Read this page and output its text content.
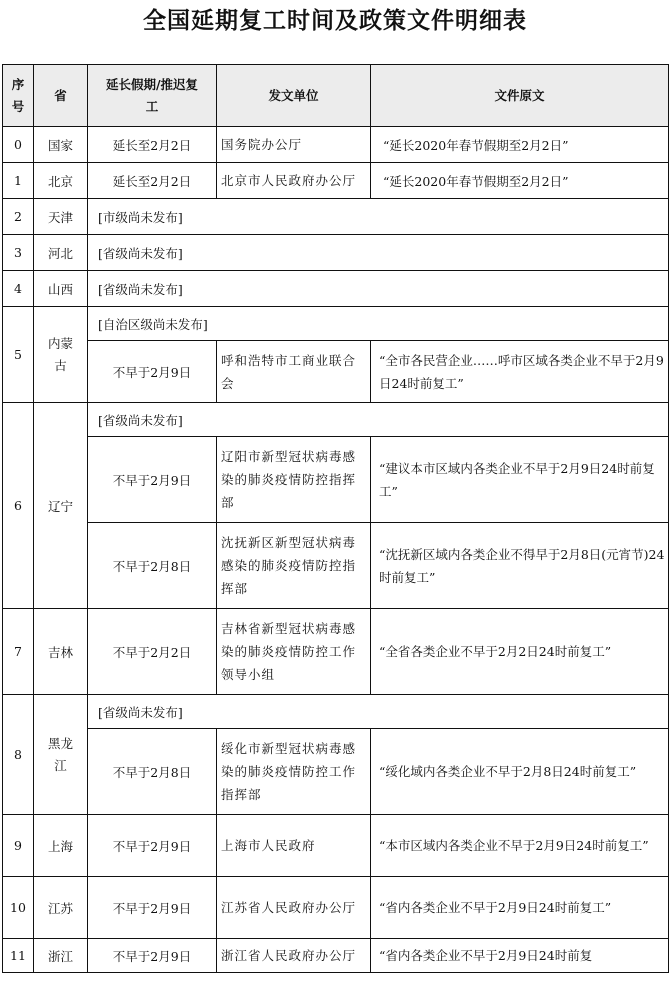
全国延期复工时间及政策文件明细表
序号	省	延长假期/推迟复工	发文单位	文件原文
0	国家	延长至2月2日	国务院办公厅	“延长2020年春节假期至2月2日”
1	北京	延长至2月2日	北京市人民政府办公厅	“延长2020年春节假期至2月2日”
2	天津	[市级尚未发布]		
3	河北	[省级尚未发布]		
4	山西	[省级尚未发布]		
5	内蒙古	[自治区级尚未发布]		
		不早于2月9日	呼和浩特市工商业联合会	“全市各民营企业……呼市区域各类企业不早于2月9日24时前复工”
6	辽宁	[省级尚未发布]		
		不早于2月9日	辽阳市新型冠状病毒感染的肺炎疫情防控指挥部	“建议本市区域内各类企业不早于2月9日24时前复工”
		不早于2月8日	沈抚新区新型冠状病毒感染的肺炎疫情防控指挥部	“沈抚新区域内各类企业不得早于2月8日(元宵节)24时前复工”
7	吉林	不早于2月2日	吉林省新型冠状病毒感染的肺炎疫情防控工作领导小组	“全省各类企业不早于2月2日24时前复工”
8	黑龙江	[省级尚未发布]		
		不早于2月8日	绥化市新型冠状病毒感染的肺炎疫情防控工作指挥部	“绥化域内各类企业不早于2月8日24时前复工”
9	上海	不早于2月9日	上海市人民政府	“本市区域内各类企业不早于2月9日24时前复工”
10	江苏	不早于2月9日	江苏省人民政府办公厅	“省内各类企业不早于2月9日24时前复工”
11	浙江	不早于2月9日	浙江省人民政府办公厅	“省内各类企业不早于2月9日24时前复
